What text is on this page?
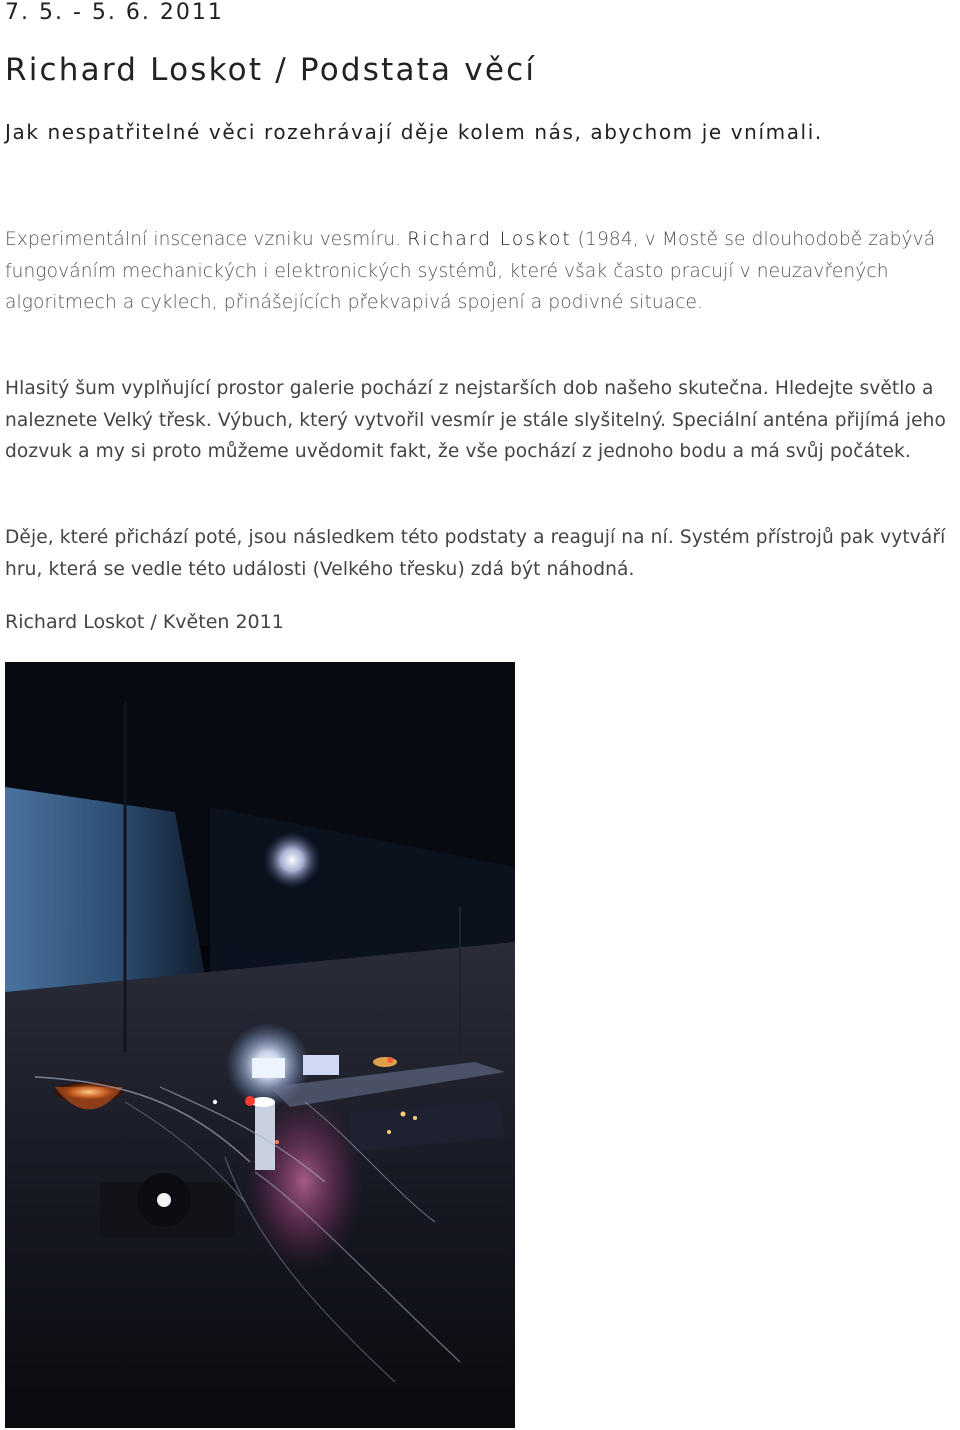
7. 5. - 5. 6. 2011
Richard Loskot / Podstata věcí
Jak nespatřitelné věci rozehrávají děje kolem nás, abychom je vnímali.

Experimentální inscenace vzniku vesmíru. Richard Loskot (1984, v Mostě se dlouhodobě zabývá fungováním mechanických i elektronických systémů, které však často pracují v neuzavřených algoritmech a cyklech, přinášejících překvapivá spojení a podivné situace.

Hlasitý šum vyplňující prostor galerie pochází z nejstarších dob našeho skutečna. Hledejte světlo a naleznete Velký třesk. Výbuch, který vytvořil vesmír je stále slyšitelný. Speciální anténa přijímá jeho dozvuk a my si proto můžeme uvědomit fakt, že vše pochází z jednoho bodu a má svůj počátek.

Děje, které přichází poté, jsou následkem této podstaty a reagují na ní. Systém přístrojů pak vytváří hru, která se vedle této události (Velkého třesku) zdá být náhodná.

Richard Loskot / Květen 2011
